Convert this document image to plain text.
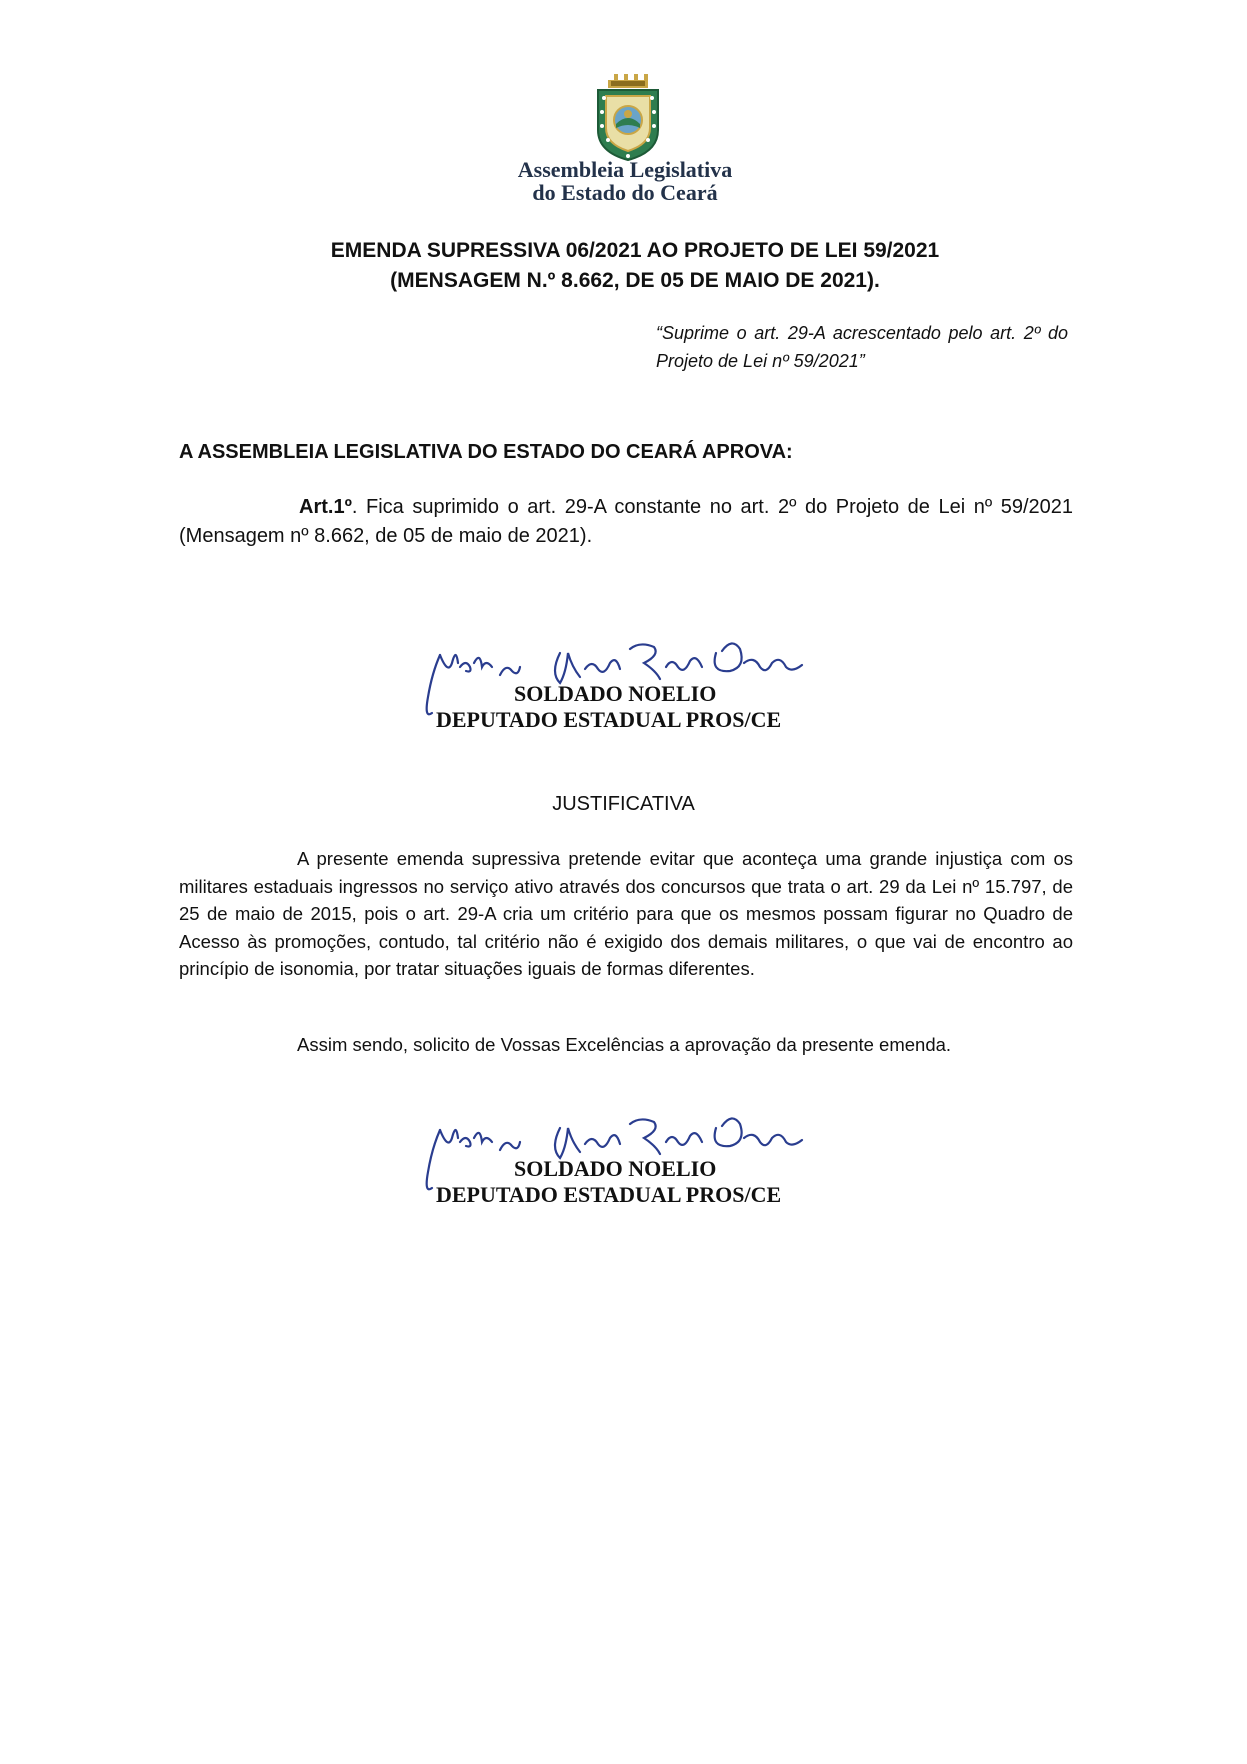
Assembleia Legislativa
do Estado do Ceará
EMENDA SUPRESSIVA 06/2021 AO PROJETO DE LEI 59/2021
(MENSAGEM N.º 8.662, DE 05 DE MAIO DE 2021).
“Suprime o art. 29-A acrescentado pelo art. 2º do Projeto de Lei nº 59/2021”
A ASSEMBLEIA LEGISLATIVA DO ESTADO DO CEARÁ APROVA:
Art.1º. Fica suprimido o art. 29-A constante no art. 2º do Projeto de Lei nº 59/2021 (Mensagem nº 8.662, de 05 de maio de 2021).
SOLDADO NOELIO
DEPUTADO ESTADUAL PROS/CE
JUSTIFICATIVA
A presente emenda supressiva pretende evitar que aconteça uma grande injustiça com os militares estaduais ingressos no serviço ativo através dos concursos que trata o art. 29 da Lei nº 15.797, de 25 de maio de 2015, pois o art. 29-A cria um critério para que os mesmos possam figurar no Quadro de Acesso às promoções, contudo, tal critério não é exigido dos demais militares, o que vai de encontro ao princípio de isonomia, por tratar situações iguais de formas diferentes.
Assim sendo, solicito de Vossas Excelências a aprovação da presente emenda.
SOLDADO NOELIO
DEPUTADO ESTADUAL PROS/CE
